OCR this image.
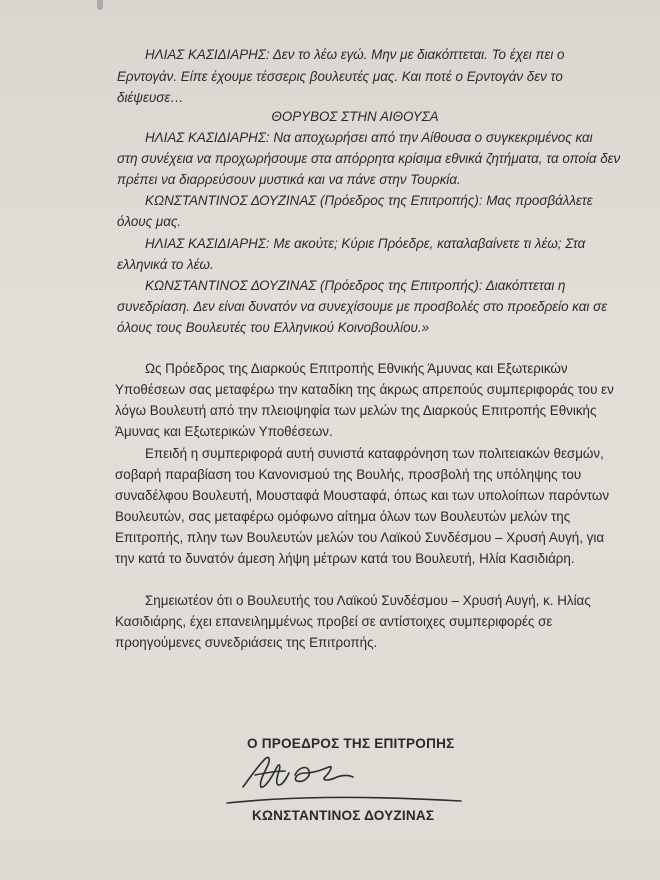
ΗΛΙΑΣ ΚΑΣΙΔΙΑΡΗΣ: Δεν το λέω εγώ. Μην με διακόπτεται. Το έχει πει ο
Ερντογάν. Είπε έχουμε τέσσερις βουλευτές μας. Και ποτέ ο Ερντογάν δεν το
διέψευσε…
ΘΟΡΥΒΟΣ ΣΤΗΝ ΑΙΘΟΥΣΑ
ΗΛΙΑΣ ΚΑΣΙΔΙΑΡΗΣ: Να αποχωρήσει από την Αίθουσα ο συγκεκριμένος και
στη συνέχεια να προχωρήσουμε στα απόρρητα κρίσιμα εθνικά ζητήματα, τα οποία δεν
πρέπει να διαρρεύσουν μυστικά και να πάνε στην Τουρκία.
ΚΩΝΣΤΑΝΤΙΝΟΣ ΔΟΥΖΙΝΑΣ (Πρόεδρος της Επιτροπής): Μας προσβάλλετε
όλους μας.
ΗΛΙΑΣ ΚΑΣΙΔΙΑΡΗΣ: Με ακούτε; Κύριε Πρόεδρε, καταλαβαίνετε τι λέω; Στα
ελληνικά το λέω.
ΚΩΝΣΤΑΝΤΙΝΟΣ ΔΟΥΖΙΝΑΣ (Πρόεδρος της Επιτροπής): Διακόπτεται η
συνεδρίαση. Δεν είναι δυνατόν να συνεχίσουμε με προσβολές στο προεδρείο και σε
όλους τους Βουλευτές του Ελληνικού Κοινοβουλίου.»
Ως Πρόεδρος της Διαρκούς Επιτροπής Εθνικής Άμυνας και Εξωτερικών
Υποθέσεων σας μεταφέρω την καταδίκη της άκρως απρεπούς συμπεριφοράς του εν
λόγω Βουλευτή από την πλειοψηφία των μελών της Διαρκούς Επιτροπής Εθνικής
Άμυνας και Εξωτερικών Υποθέσεων.
Επειδή η συμπεριφορά αυτή συνιστά καταφρόνηση των πολιτειακών θεσμών,
σοβαρή παραβίαση του Κανονισμού της Βουλής, προσβολή της υπόληψης του
συναδέλφου Βουλευτή, Μουσταφά Μουσταφά, όπως και των υπολοίπων παρόντων
Βουλευτών, σας μεταφέρω ομόφωνο αίτημα όλων των Βουλευτών μελών της
Επιτροπής, πλην των Βουλευτών μελών του Λαϊκού Συνδέσμου – Χρυσή Αυγή, για
την κατά το δυνατόν άμεση λήψη μέτρων κατά του Βουλευτή, Ηλία Κασιδιάρη.
Σημειωτέον ότι ο Βουλευτής του Λαϊκού Συνδέσμου – Χρυσή Αυγή, κ. Ηλίας
Κασιδιάρης, έχει επανειλημμένως προβεί σε αντίστοιχες συμπεριφορές σε
προηγούμενες συνεδριάσεις της Επιτροπής.
Ο ΠΡΟΕΔΡΟΣ ΤΗΣ ΕΠΙΤΡΟΠΗΣ
ΚΩΝΣΤΑΝΤΙΝΟΣ ΔΟΥΖΙΝΑΣ
